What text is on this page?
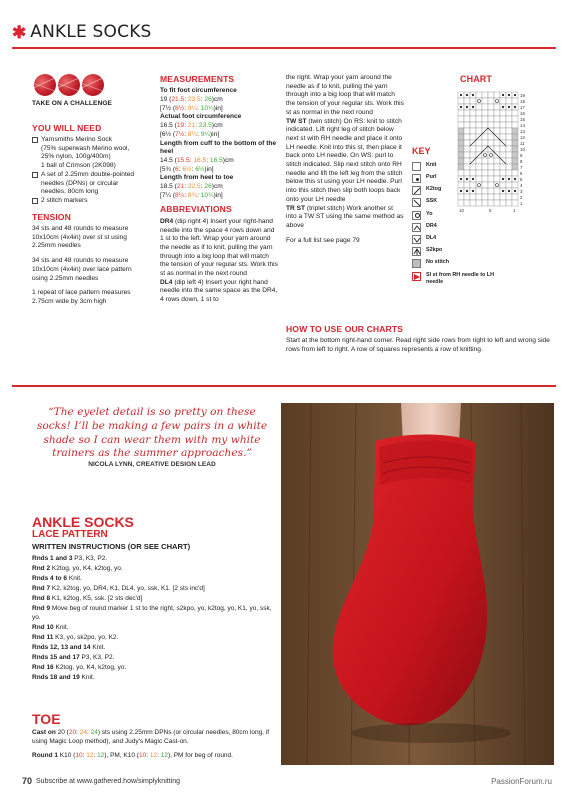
✱ ANKLE SOCKS
TAKE ON A CHALLENGE
YOU WILL NEED

Yarnsmiths Merino Sock

(75% superwash Merino wool,

25% nylon, 100g/400m)

1 ball of Crimson (2K098)

A set of 2.25mm double-pointed

needles (DPNs) or circular

needles, 80cm long

2 stitch markers

TENSION

34 sts and 48 rounds to measure

10x10cm (4x4in) over st st using

2.25mm needles

34 sts and 48 rounds to measure

10x10cm (4x4in) over lace pattern

using 2.25mm needles

1 repeat of lace pattern measures

2.75cm wide by 3cm high

MEASUREMENTS

To fit foot circumference

19 (21.5: 23.5: 26)cm

[7½ (8½: 9¼: 10¼)in]

Actual foot circumference

16.5 (19: 21: 23.5)cm

[6½ (7½: 8¼: 9¼)in]

Length from cuff to the bottom of the heel

14.5 (15.5: 16.5: 16.5)cm

[5¾ (6: 6½: 6½)in]

Length from heel to toe

18.5 (21: 22.5: 26)cm

[7¼ (8¼: 8¾: 10¼)in]

ABBREVIATIONS

DR4 (dip right 4) Insert your right-hand needle into the space 4 rows down and 1 st to the left. Wrap your yarn around the needle as if to knit, pulling the yarn through into a big loop that will match the tension of your regular sts. Work this st as normal in the next round

DL4 (dip left 4) Insert your right hand needle into the same space as the DR4, 4 rows down, 1 st to

the right. Wrap your yarn around the needle as if to knit, pulling the yarn through into a big loop that will match the tension of your regular sts. Work this st as normal in the next round

TW ST (twin stitch) On RS: knit to stitch indicated. Lift right leg of stitch below next st with RH needle and place it onto LH needle. Knit into this st, then place it back onto LH needle. On WS: purl to stitch indicated. Slip next stitch onto RH needle and lift the left leg from the stitch below this st using your LH needle. Purl into this stitch then slip both loops back onto your LH needle

TR ST (triplet stitch) Work another st into a TW ST using the same method as above

For a full list see page 79

KEY
Knit
Purl
K2tog
SSK
Yo
DR4
DL4
S2kpo
No stitch
Sl st from RH needle to LH needle
CHART
19
18
17
16
15
14
13
12
11
10
9
8
7
6
5
4
3
2
1
10	5	1
HOW TO USE OUR CHARTS

Start at the bottom right-hand corner. Read right side rows from right to left and wrong side rows from left to right. A row of squares represents a row of knitting.

“The eyelet detail is so pretty on these socks! I’ll be making a few pairs in a white shade so I can wear them with my white trainers as the summer approaches.”
NICOLA LYNN, CREATIVE DESIGN LEAD
ANKLE SOCKS
LACE PATTERN
WRITTEN INSTRUCTIONS (OR SEE CHART)

Rnds 1 and 3 P3, K3, P2.

Rnd 2 K2tog, yo, K4, k2tog, yo.

Rnds 4 to 6 Knit.

Rnd 7 K2, k2tog, yo, DR4, K1, DL4, yo, ssk, K1. [2 sts inc'd]

Rnd 8 K1, k2tog, K5, ssk. [2 sts dec'd]

Rnd 9 Move beg of round marker 1 st to the right, s2kpo, yo, k2tog, yo, K1, yo, ssk, yo.

Rnd 10 Knit.

Rnd 11 K3, yo, sk2po, yo, K2.

Rnds 12, 13 and 14 Knit.

Rnds 15 and 17 P3, K3, P2.

Rnd 16 K2tog, yo, K4, k2tog, yo.

Rnds 18 and 19 Knit.

TOE

Cast on 20 (20: 24: 24) sts using 2.25mm DPNs (or circular needles, 80cm long, if using Magic Loop method), and Judy's Magic Cast-on.

Round 1 K10 (10: 12: 12), PM, K10 (10: 12: 12), PM for beg of round.

70 Subscribe at www.gathered.how/simplyknitting	PassionForum.ru
